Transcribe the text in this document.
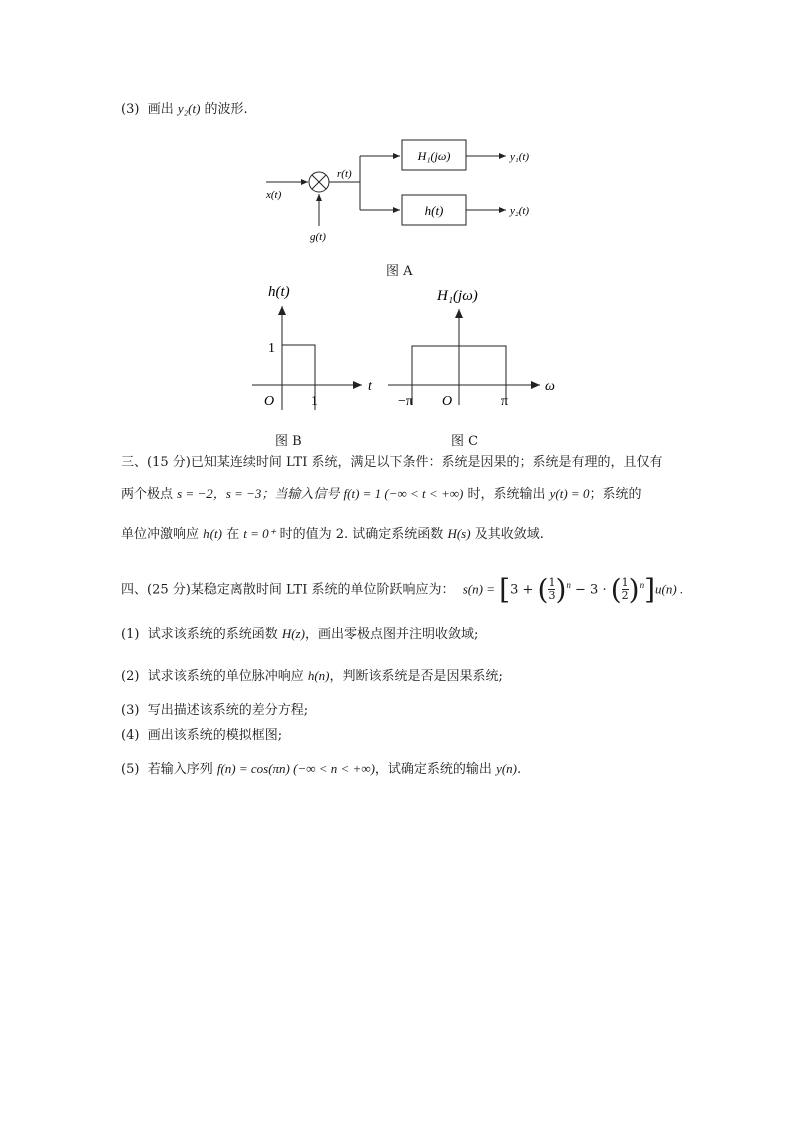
(3) 画出 y₂(t) 的波形.
x(t)
g(t)
r(t)
H₁(jω)
h(t)
y₁(t)
y₂(t)
图 A
h(t)
1
O	1
t
图 B
H₁(jω)
−π O	π
ω
图 C
三、(15 分)已知某连续时间 LTI 系统，满足以下条件：系统是因果的；系统是有理的，且仅有
两个极点 s = −2，s = −3；当输入信号 f(t) = 1 (−∞ < t < +∞) 时，系统输出 y(t) = 0；系统的
单位冲激响应 h(t) 在 t = 0⁺ 时的值为 2. 试确定系统函数 H(s) 及其收敛域.
四、(25 分)某稳定离散时间 LTI 系统的单位阶跃响应为： s(n) = [3 + ( $\frac{1}{3} )^n - 3$ · ( $\frac{1}{2} )^n]u(n)$ .
(1) 试求该系统的系统函数 H(z)，画出零极点图并注明收敛域;
(2) 试求该系统的单位脉冲响应 h(n)，判断该系统是否是因果系统;
(3) 写出描述该系统的差分方程;
(4) 画出该系统的模拟框图;
(5) 若输入序列 f(n) = cos(πn) (−∞ < n < +∞)，试确定系统的输出 y(n).
